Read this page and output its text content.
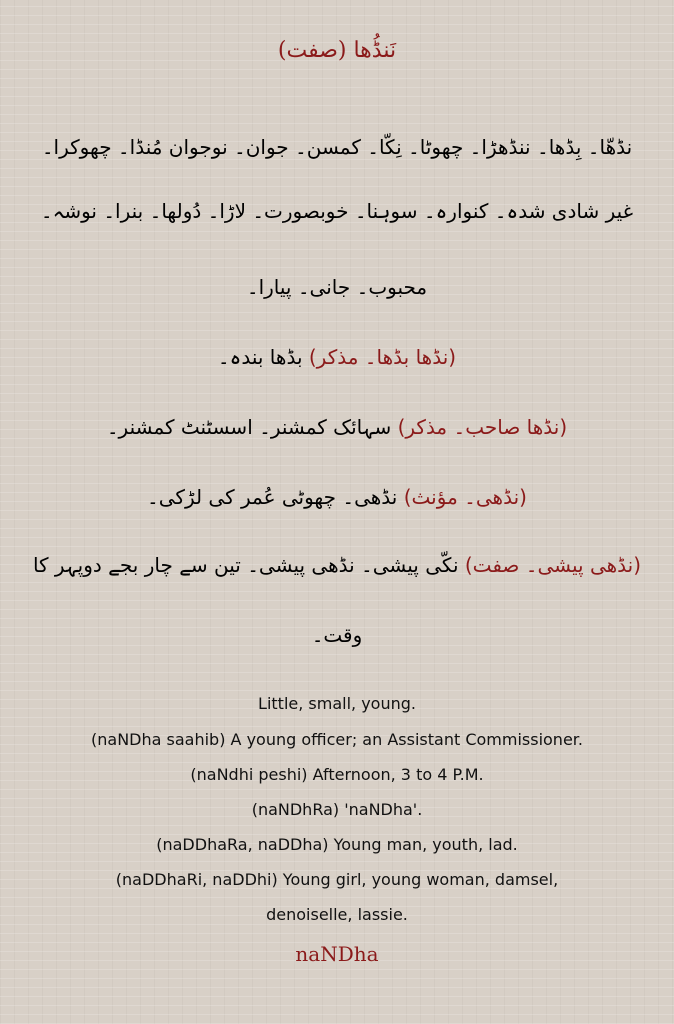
نَنڈُھا (صفت)
نڈھّا۔ بِڈھا۔ ننڈھڑا۔ چھوٹا۔ نِکّا۔ کمسن۔ جوان۔ نوجوان مُنڈا۔ چھوکرا۔
غیر شادی شدہ۔ کنوارہ۔ سوہنا۔ خوبصورت۔ لاڑا۔ دُولھا۔ بنرا۔ نوشہ۔
محبوب۔ جانی۔ پیارا۔
(نڈھا بڈھا۔ مذکر) بڈھا بندہ۔
(نڈھا صاحب۔ مذکر) سہائک کمشنر۔ اسسٹنٹ کمشنر۔
(نڈھی۔ مؤنث) نڈھی۔ چھوٹی عُمر کی لڑکی۔
(نڈھی پیشی۔ صفت) نکّی پیشی۔ نڈھی پیشی۔ تین سے چار بجے دوپہر کا
وقت۔
Little, small, young.
(naNDha saahib) A young officer; an Assistant Commissioner.
(naNdhi peshi) Afternoon, 3 to 4 P.M.
(naNDhRa) 'naNDha'.
(naDDhaRa, naDDha) Young man, youth, lad.
(naDDhaRi, naDDhi) Young girl, young woman, damsel,
denoiselle, lassie.
naNDha
